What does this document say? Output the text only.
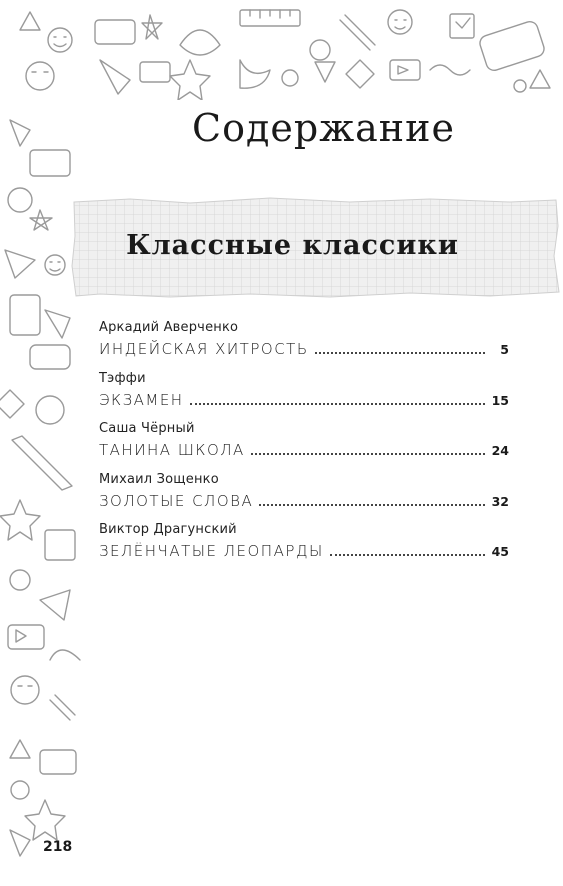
Содержание
Классные классики
Аркадий Аверченко
ИНДЕЙСКАЯ ХИТРОСТЬ	5
Тэффи
ЭКЗАМЕН	15
Саша Чёрный
ТАНИНА ШКОЛА	24
Михаил Зощенко
ЗОЛОТЫЕ СЛОВА	32
Виктор Драгунский
ЗЕЛЁНЧАТЫЕ ЛЕОПАРДЫ	45
218
